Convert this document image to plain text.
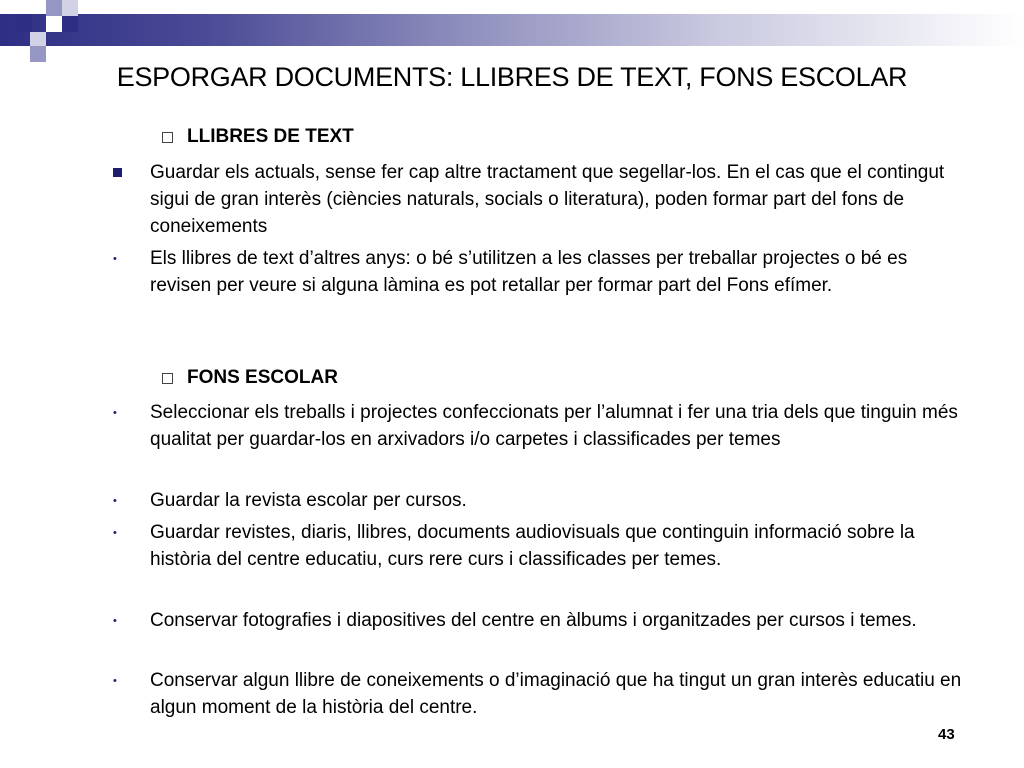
ESPORGAR DOCUMENTS: LLIBRES DE TEXT, FONS ESCOLAR
LLIBRES DE TEXT
Guardar els actuals, sense fer cap altre tractament que segellar-los. En el cas que el contingut sigui de gran interès (ciències naturals, socials o literatura), poden formar part del fons de coneixements
•
Els llibres de text d’altres anys: o bé s’utilitzen a les classes per treballar projectes o bé es revisen per veure si alguna làmina es pot retallar per formar part del Fons efímer.
FONS ESCOLAR
•
Seleccionar els treballs i projectes confeccionats per l’alumnat i fer una tria dels que tinguin més qualitat per guardar-los en arxivadors i/o carpetes i classificades per temes
•
Guardar la revista escolar per cursos.
•
Guardar revistes, diaris, llibres, documents audiovisuals que continguin informació sobre la història del centre educatiu, curs rere curs i classificades per temes.
•
Conservar fotografies i diapositives del centre en àlbums i organitzades per cursos i temes.
•
Conservar algun llibre de coneixements o d’imaginació que ha tingut un gran interès educatiu en algun moment de la història del centre.
43
